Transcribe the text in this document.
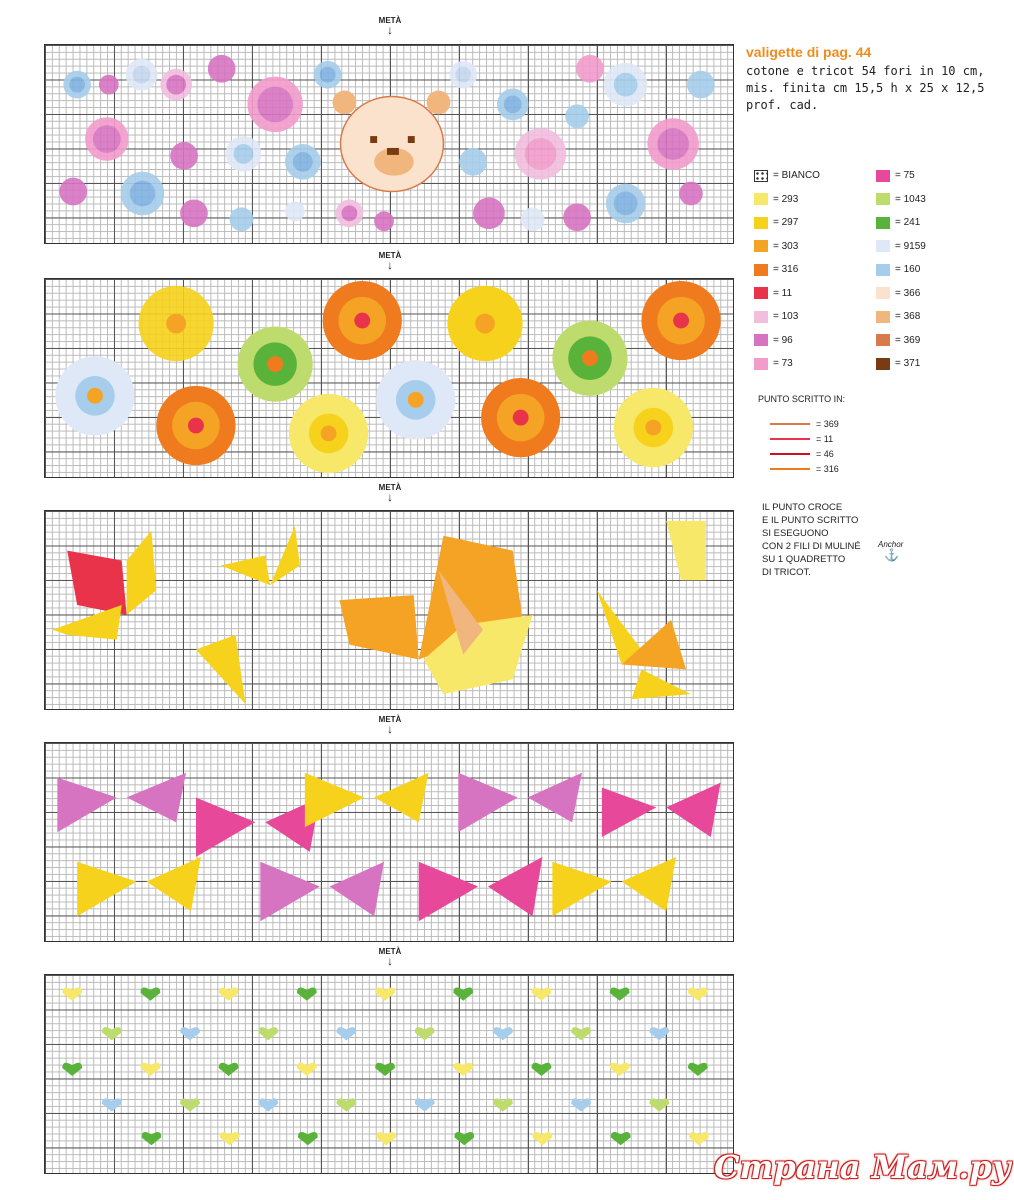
METÀ
↓
METÀ
↓
METÀ
↓
METÀ
↓
METÀ
↓
valigette di pag. 44
cotone e tricot 54 fori in 10 cm,
mis. finita cm 15,5 h x 25 x 12,5
prof. cad.
= BIANCO
= 293
= 297
= 303
= 316
= 11
= 103
= 96
= 73
= 75
= 1043
= 241
= 9159
= 160
= 366
= 368
= 369
= 371
PUNTO SCRITTO IN:
= 369
= 11
= 46
= 316
IL PUNTO CROCE
E IL PUNTO SCRITTO
SI ESEGUONO
CON 2 FILI DI MULINÉ
SU 1 QUADRETTO
DI TRICOT.
Anchor
⚓
Страна Мам.ру
